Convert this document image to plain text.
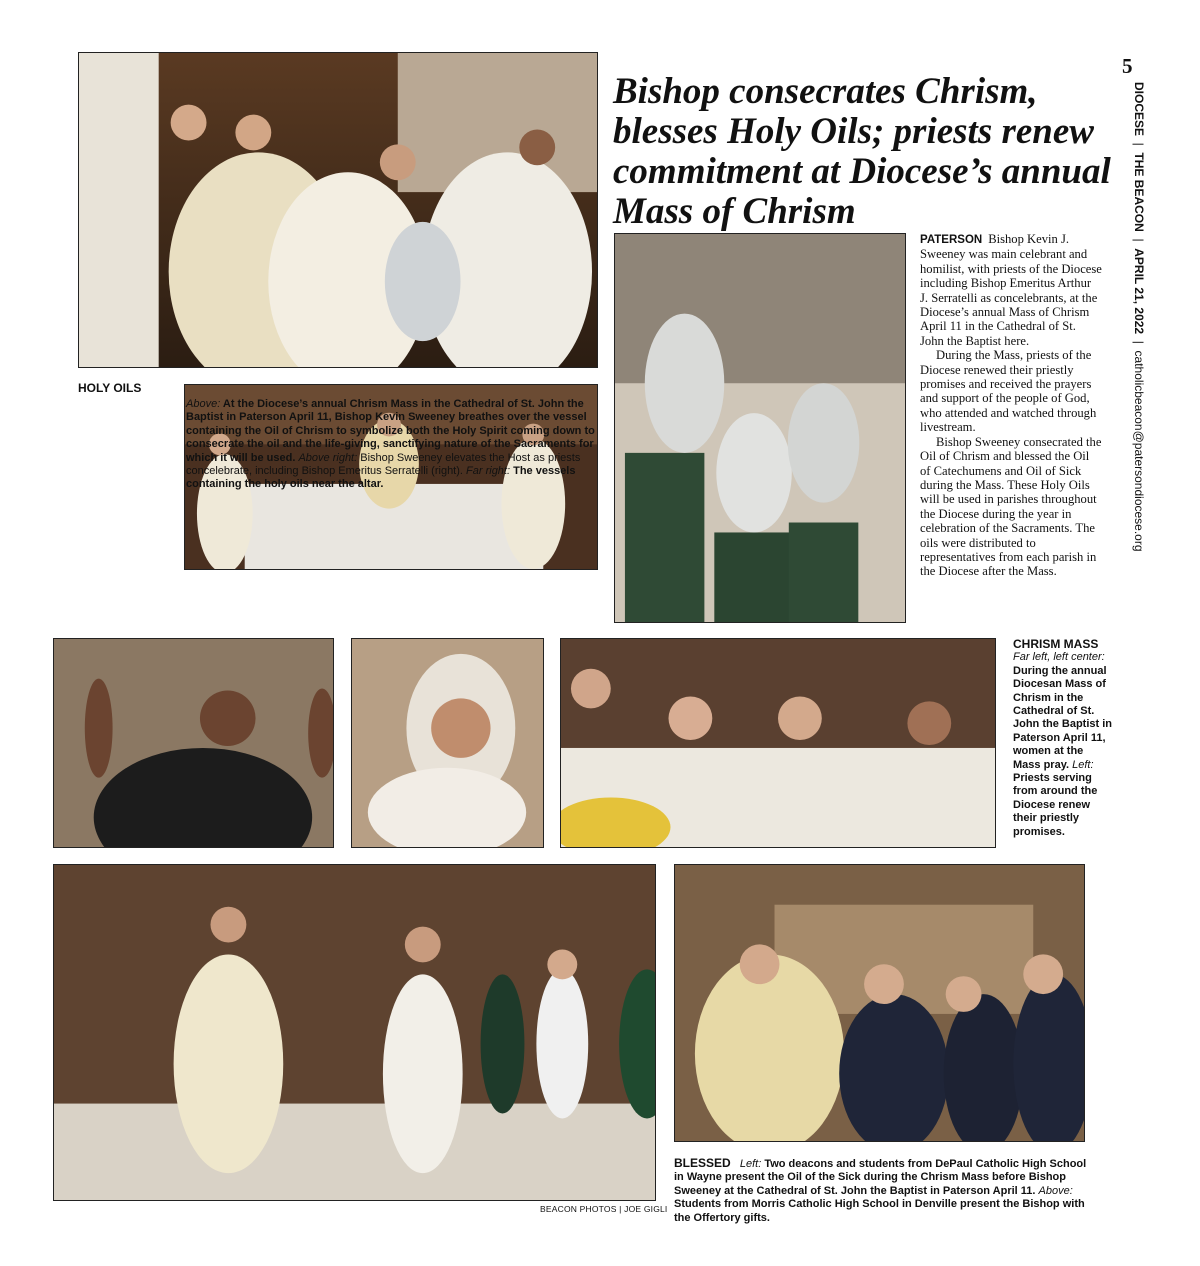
5
DIOCESE  |  THE BEACON  |  APRIL 21, 2022  |  catholicbeacon@patersondiocese.org
Bishop consecrates Chrism, blesses Holy Oils; priests renew commitment at Diocese’s annual Mass of Chrism
HOLY OILS
Above: At the Diocese’s annual Chrism Mass in the Cathedral of St. John the Baptist in Paterson April 11, Bishop Kevin Sweeney breathes over the vessel containing the Oil of Chrism to symbolize both the Holy Spirit coming down to consecrate the oil and the life-giving, sanctifying nature of the Sacraments for which it will be used. Above right: Bishop Sweeney elevates the Host as priests concelebrate, including Bishop Emeritus Serratelli (right). Far right: The vessels containing the holy oils near the altar.

PATERSON Bishop Kevin J. Sweeney was main celebrant and homilist, with priests of the Diocese including Bishop Emeritus Arthur J. Serratelli as concelebrants, at the Diocese’s annual Mass of Chrism April 11 in the Cathedral of St. John the Baptist here.

During the Mass, priests of the Diocese renewed their priestly promises and received the prayers and support of the people of God, who attended and watched through livestream.

Bishop Sweeney consecrated the Oil of Chrism and blessed the Oil of Catechumens and Oil of Sick during the Mass. These Holy Oils will be used in parishes throughout the Diocese during the year in celebration of the Sacraments. The oils were distributed to representatives from each parish in the Diocese after the Mass.

CHRISM MASS
Far left, left center: During the annual Diocesan Mass of Chrism in the Cathedral of St. John the Baptist in Paterson April 11, women at the Mass pray. Left: Priests serving from around the Diocese renew their priestly promises.
BLESSED Left: Two deacons and students from DePaul Catholic High School in Wayne present the Oil of the Sick during the Chrism Mass before Bishop Sweeney at the Cathedral of St. John the Baptist in Paterson April 11. Above: Students from Morris Catholic High School in Denville present the Bishop with the Offertory gifts.
BEACON PHOTOS | JOE GIGLI
